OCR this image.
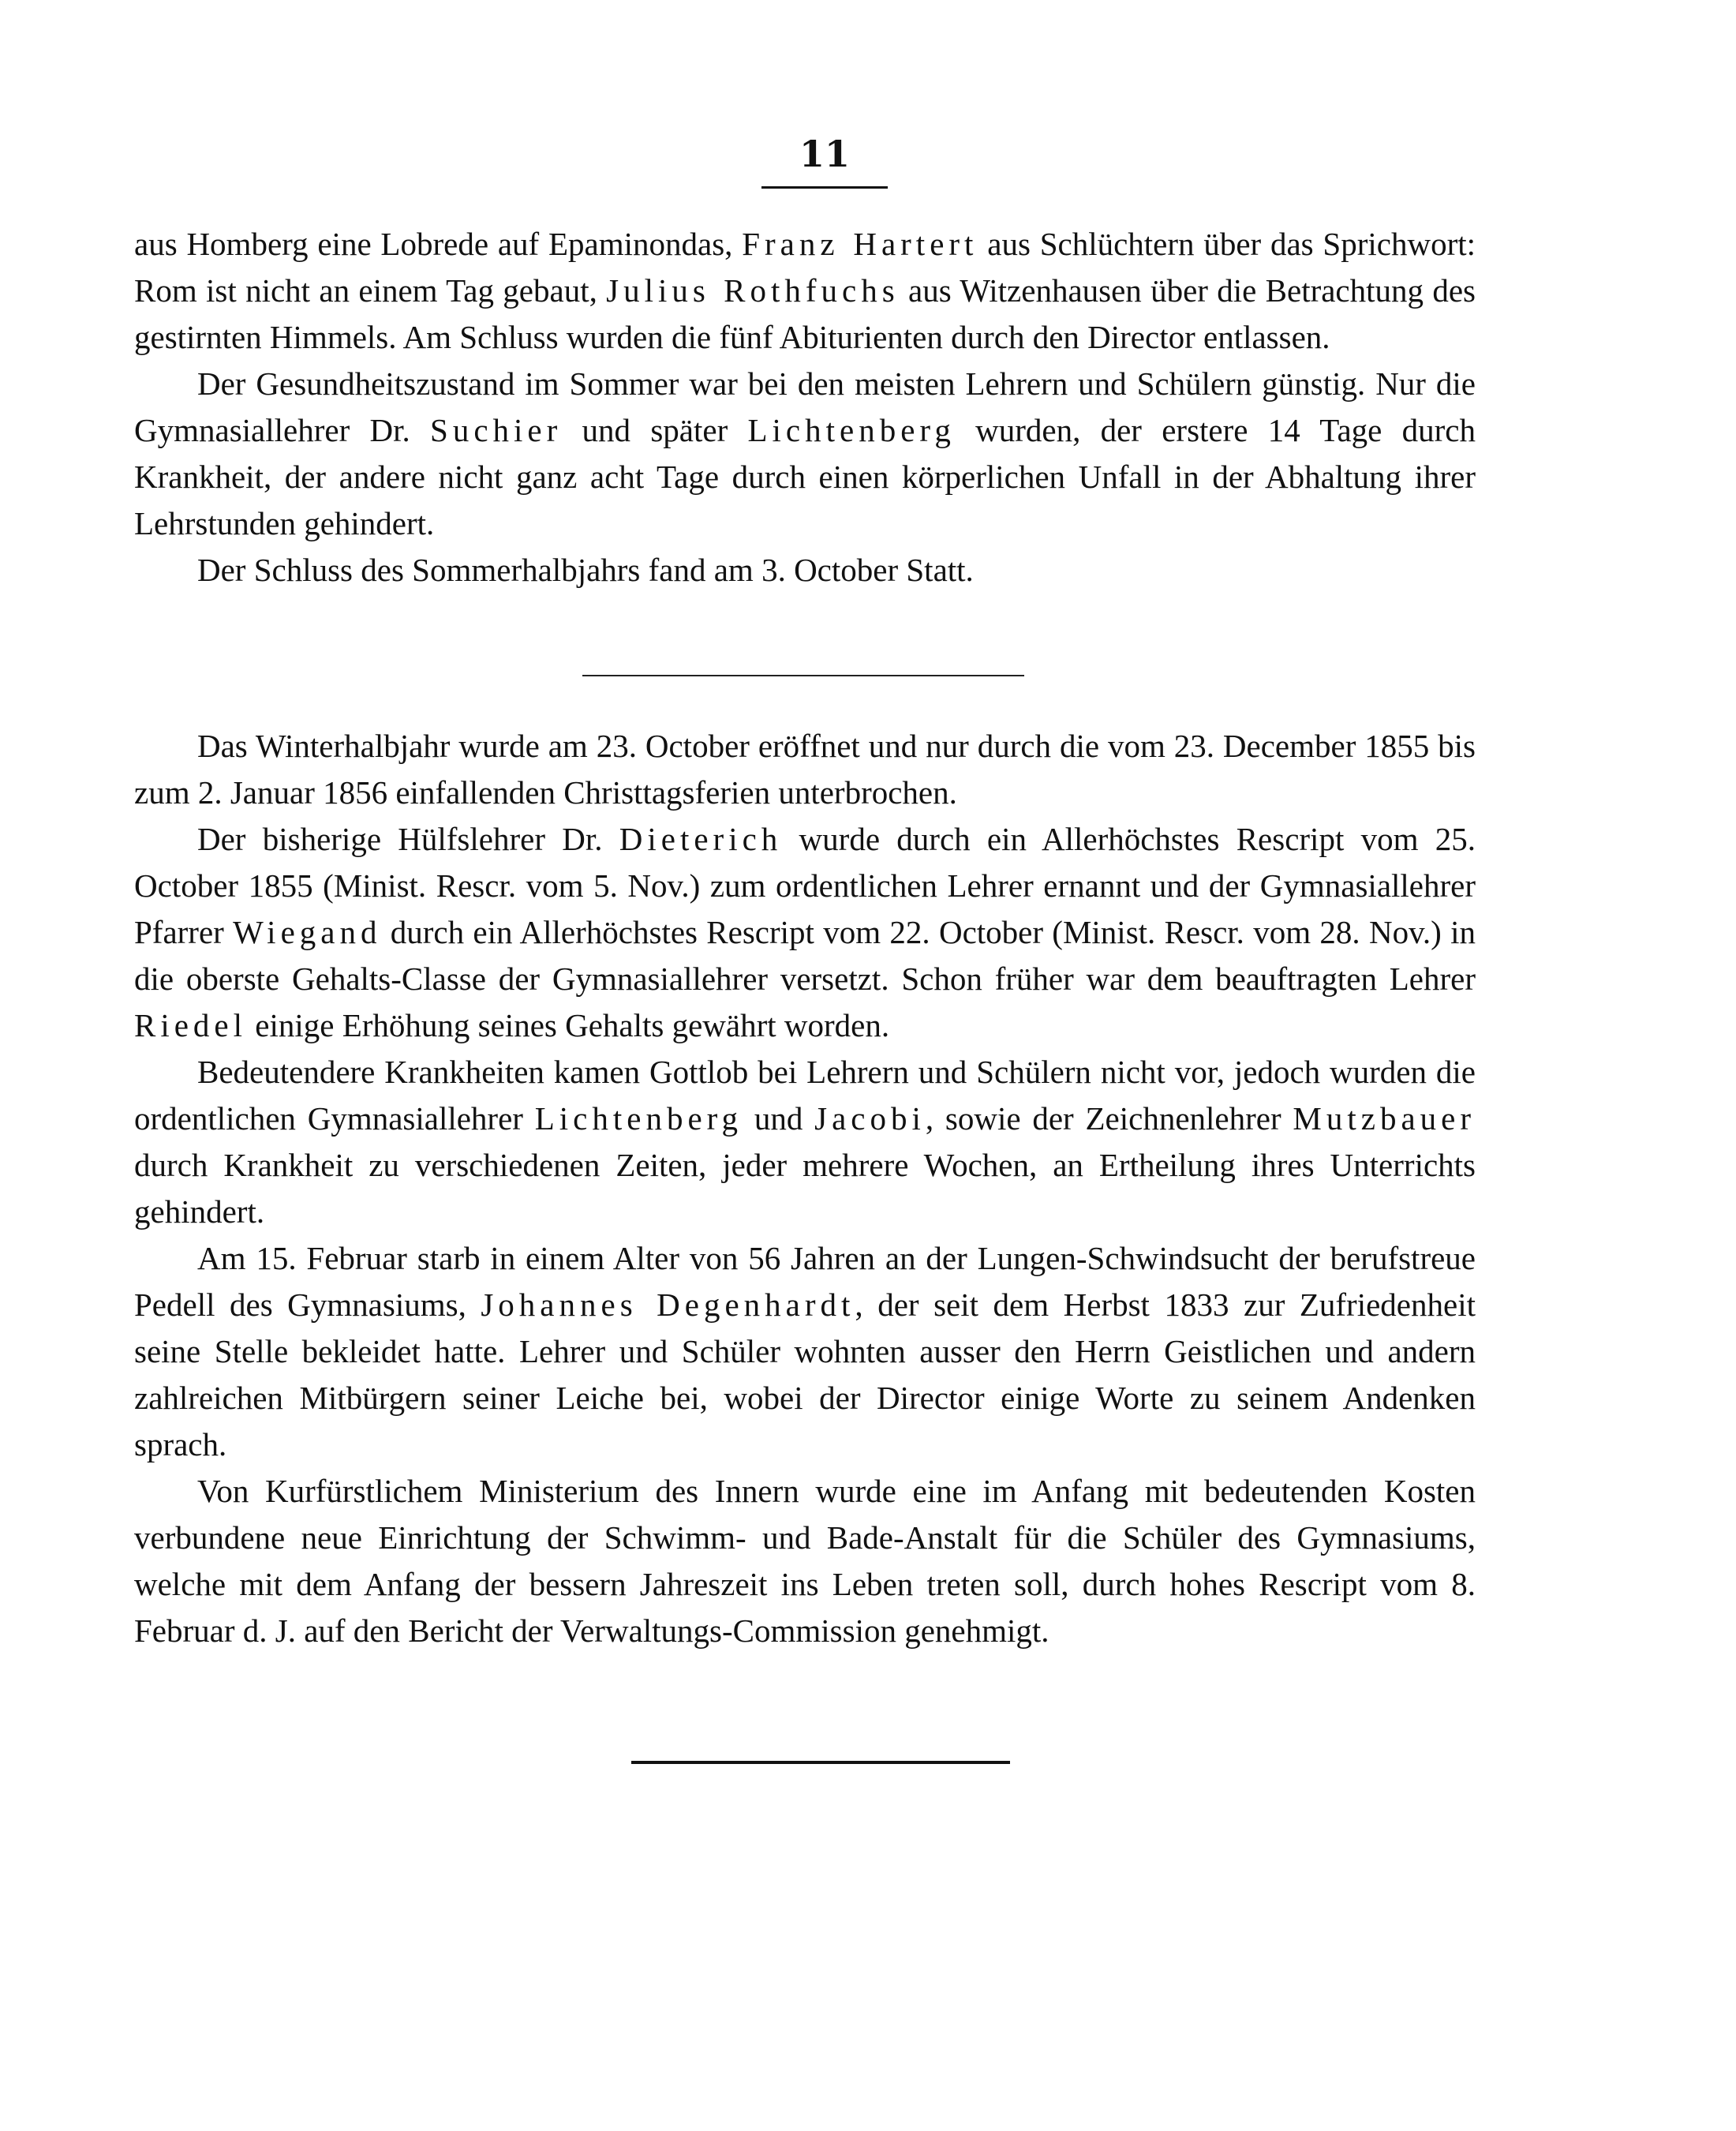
11

aus Homberg eine Lobrede auf Epaminondas, Franz Hartert aus Schlüchtern über das Sprichwort: Rom ist nicht an einem Tag gebaut, Julius Rothfuchs aus Witzenhausen über die Betrachtung des gestirnten Himmels. Am Schluss wurden die fünf Abiturienten durch den Director entlassen.

Der Gesundheitszustand im Sommer war bei den meisten Lehrern und Schülern günstig. Nur die Gymnasiallehrer Dr. Suchier und später Lichtenberg wurden, der erstere 14 Tage durch Krankheit, der andere nicht ganz acht Tage durch einen körperlichen Unfall in der Abhaltung ihrer Lehrstunden gehindert.

Der Schluss des Sommerhalbjahrs fand am 3. October Statt.

Das Winterhalbjahr wurde am 23. October eröffnet und nur durch die vom 23. December 1855 bis zum 2. Januar 1856 einfallenden Christtagsferien unterbrochen.

Der bisherige Hülfslehrer Dr. Dieterich wurde durch ein Allerhöchstes Rescript vom 25. October 1855 (Minist. Rescr. vom 5. Nov.) zum ordentlichen Lehrer ernannt und der Gymnasiallehrer Pfarrer Wiegand durch ein Allerhöchstes Rescript vom 22. October (Minist. Rescr. vom 28. Nov.) in die oberste Gehalts-Classe der Gymnasiallehrer versetzt. Schon früher war dem beauftragten Lehrer Riedel einige Erhöhung seines Gehalts gewährt worden.

Bedeutendere Krankheiten kamen Gottlob bei Lehrern und Schülern nicht vor, jedoch wurden die ordentlichen Gymnasiallehrer Lichtenberg und Jacobi, sowie der Zeichnenlehrer Mutzbauer durch Krankheit zu verschiedenen Zeiten, jeder mehrere Wochen, an Ertheilung ihres Unterrichts gehindert.

Am 15. Februar starb in einem Alter von 56 Jahren an der Lungen-Schwindsucht der berufstreue Pedell des Gymnasiums, Johannes Degenhardt, der seit dem Herbst 1833 zur Zufriedenheit seine Stelle bekleidet hatte. Lehrer und Schüler wohnten ausser den Herrn Geistlichen und andern zahlreichen Mitbürgern seiner Leiche bei, wobei der Director einige Worte zu seinem Andenken sprach.

Von Kurfürstlichem Ministerium des Innern wurde eine im Anfang mit bedeutenden Kosten verbundene neue Einrichtung der Schwimm- und Bade-Anstalt für die Schüler des Gymnasiums, welche mit dem Anfang der bessern Jahreszeit ins Leben treten soll, durch hohes Rescript vom 8. Februar d. J. auf den Bericht der Verwaltungs-Commission genehmigt.
